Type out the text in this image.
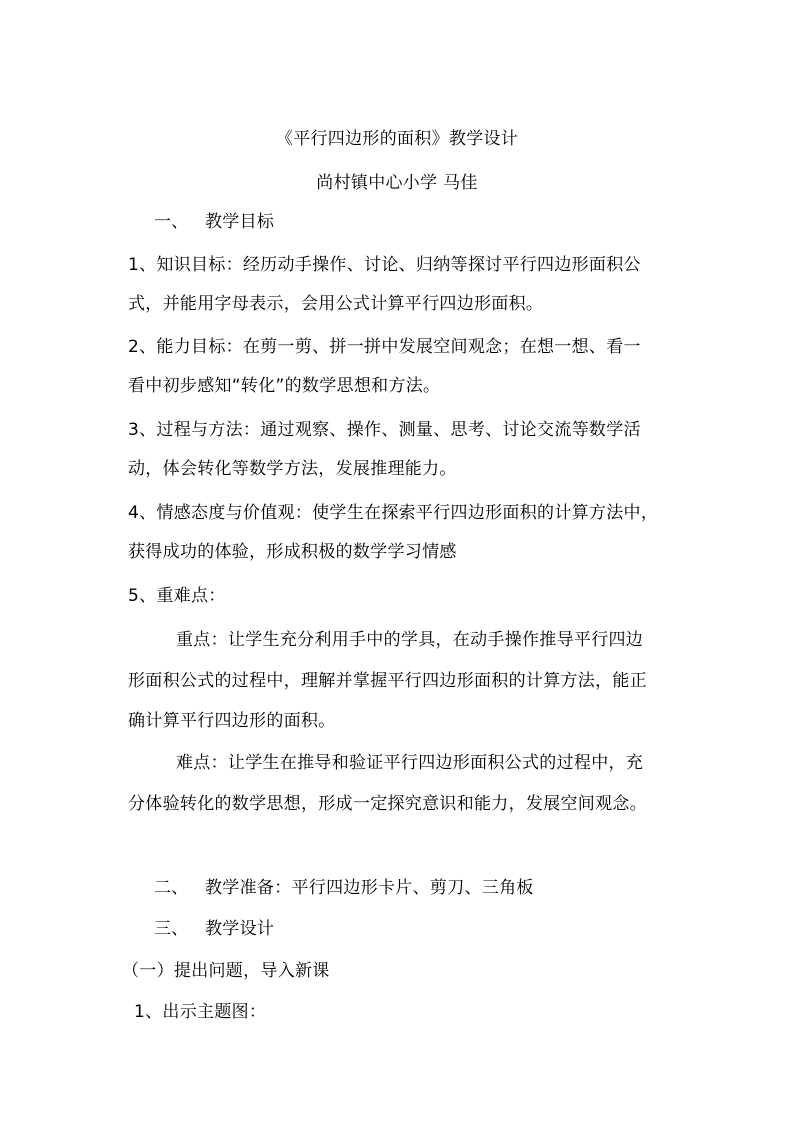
《平行四边形的面积》教学设计
尚村镇中心小学 马佳
一、 教学目标
1、知识目标：经历动手操作、讨论、归纳等探讨平行四边形面积公
式，并能用字母表示，会用公式计算平行四边形面积。
2、能力目标：在剪一剪、拼一拼中发展空间观念；在想一想、看一
看中初步感知“转化”的数学思想和方法。
3、过程与方法：通过观察、操作、测量、思考、讨论交流等数学活
动，体会转化等数学方法，发展推理能力。
4、情感态度与价值观：使学生在探索平行四边形面积的计算方法中，
获得成功的体验，形成积极的数学学习情感
5、重难点：
重点：让学生充分利用手中的学具，在动手操作推导平行四边
形面积公式的过程中，理解并掌握平行四边形面积的计算方法，能正
确计算平行四边形的面积。
难点：让学生在推导和验证平行四边形面积公式的过程中，充
分体验转化的数学思想，形成一定探究意识和能力，发展空间观念。
二、 教学准备：平行四边形卡片、剪刀、三角板
三、 教学设计
（一）提出问题，导入新课
1、出示主题图：
